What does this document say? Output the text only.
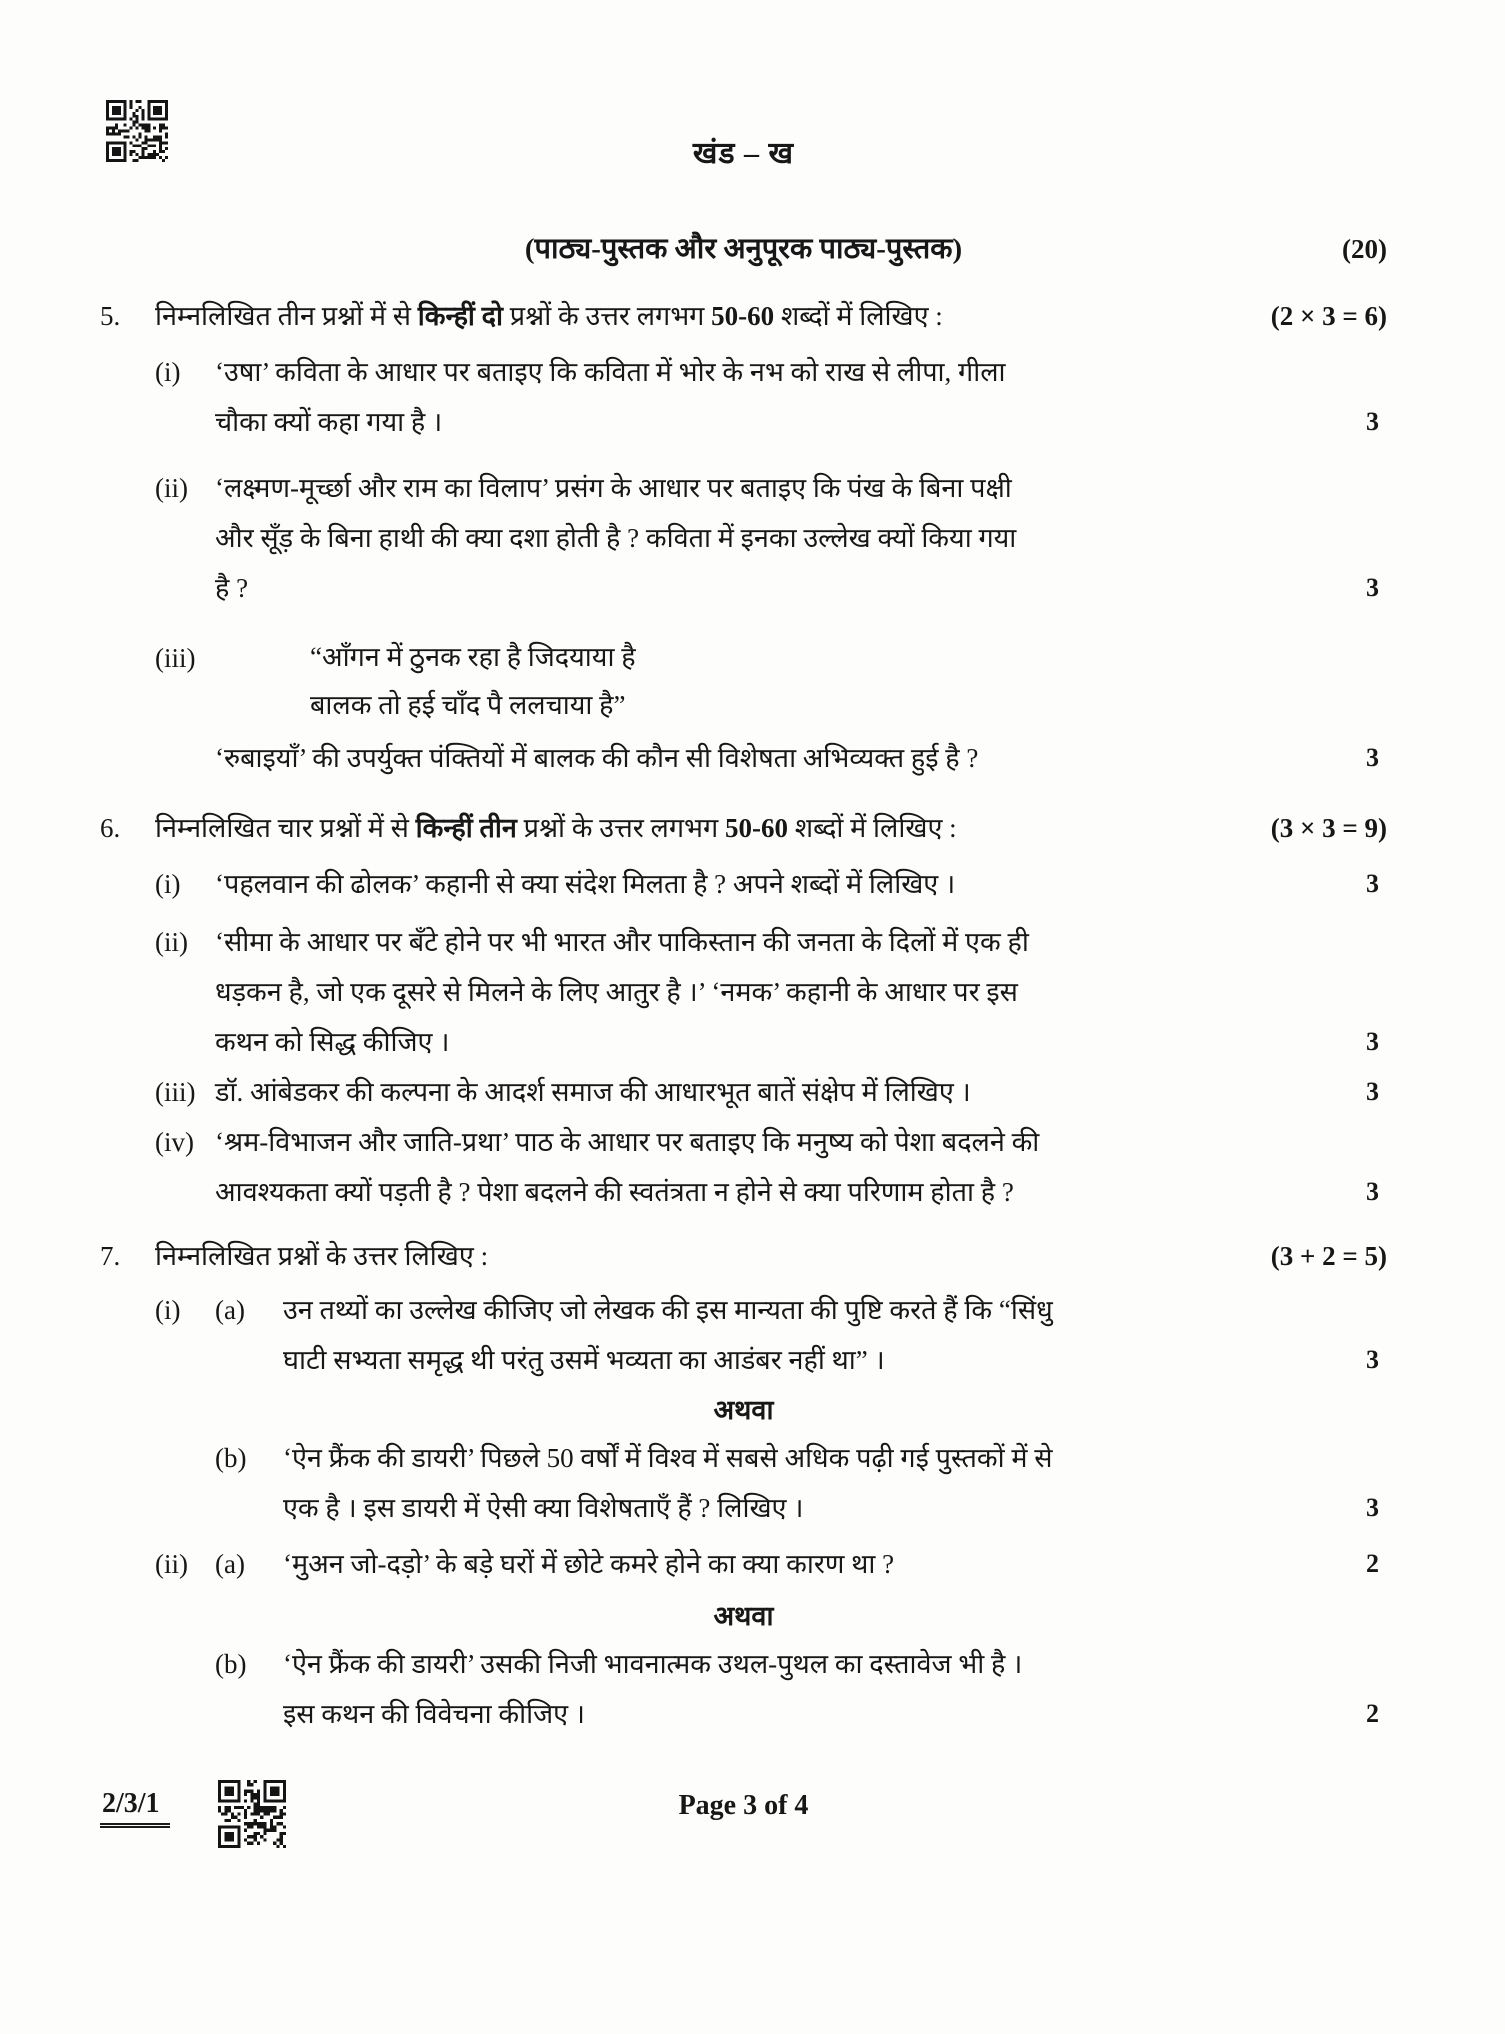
खंड – ख
(पाठ्य-पुस्तक और अनुपूरक पाठ्य-पुस्तक)	(20)
5.	निम्नलिखित तीन प्रश्नों में से किन्हीं दो प्रश्नों के उत्तर लगभग 50-60 शब्दों में लिखिए :	(2 × 3 = 6)
(i)	‘उषा’ कविता के आधार पर बताइए कि कविता में भोर के नभ को राख से लीपा, गीला
चौका क्यों कहा गया है ।	3
(ii)	‘लक्ष्मण-मूर्च्छा और राम का विलाप’ प्रसंग के आधार पर बताइए कि पंख के बिना पक्षी
और सूँड़ के बिना हाथी की क्या दशा होती है ? कविता में इनका उल्लेख क्यों किया गया
है ?	3
(iii)	“आँगन में ठुनक रहा है जिदयाया है
बालक तो हई चाँद पै ललचाया है”
‘रुबाइयाँ’ की उपर्युक्त पंक्तियों में बालक की कौन सी विशेषता अभिव्यक्त हुई है ?	3
6.	निम्नलिखित चार प्रश्नों में से किन्हीं तीन प्रश्नों के उत्तर लगभग 50-60 शब्दों में लिखिए :	(3 × 3 = 9)
(i)	‘पहलवान की ढोलक’ कहानी से क्या संदेश मिलता है ? अपने शब्दों में लिखिए ।	3
(ii)	‘सीमा के आधार पर बँटे होने पर भी भारत और पाकिस्तान की जनता के दिलों में एक ही
धड़कन है, जो एक दूसरे से मिलने के लिए आतुर है ।’ ‘नमक’ कहानी के आधार पर इस
कथन को सिद्ध कीजिए ।	3
(iii) डॉ. आंबेडकर की कल्पना के आदर्श समाज की आधारभूत बातें संक्षेप में लिखिए ।	3
(iv) ‘श्रम-विभाजन और जाति-प्रथा’ पाठ के आधार पर बताइए कि मनुष्य को पेशा बदलने की
आवश्यकता क्यों पड़ती है ? पेशा बदलने की स्वतंत्रता न होने से क्या परिणाम होता है ?	3
7.	निम्नलिखित प्रश्नों के उत्तर लिखिए :	(3 + 2 = 5)
(i)	(a)	उन तथ्यों का उल्लेख कीजिए जो लेखक की इस मान्यता की पुष्टि करते हैं कि “सिंधु
घाटी सभ्यता समृद्ध थी परंतु उसमें भव्यता का आडंबर नहीं था” ।	3
अथवा
(b)	‘ऐन फ्रैंक की डायरी’ पिछले 50 वर्षों में विश्व में सबसे अधिक पढ़ी गई पुस्तकों में से
एक है । इस डायरी में ऐसी क्या विशेषताएँ हैं ? लिखिए ।	3
(ii)	(a)	‘मुअन जो-दड़ो’ के बड़े घरों में छोटे कमरे होने का क्या कारण था ?	2
अथवा
(b)	‘ऐन फ्रैंक की डायरी’ उसकी निजी भावनात्मक उथल-पुथल का दस्तावेज भी है ।
इस कथन की विवेचना कीजिए ।	2
2/3/1	Page 3 of 4
